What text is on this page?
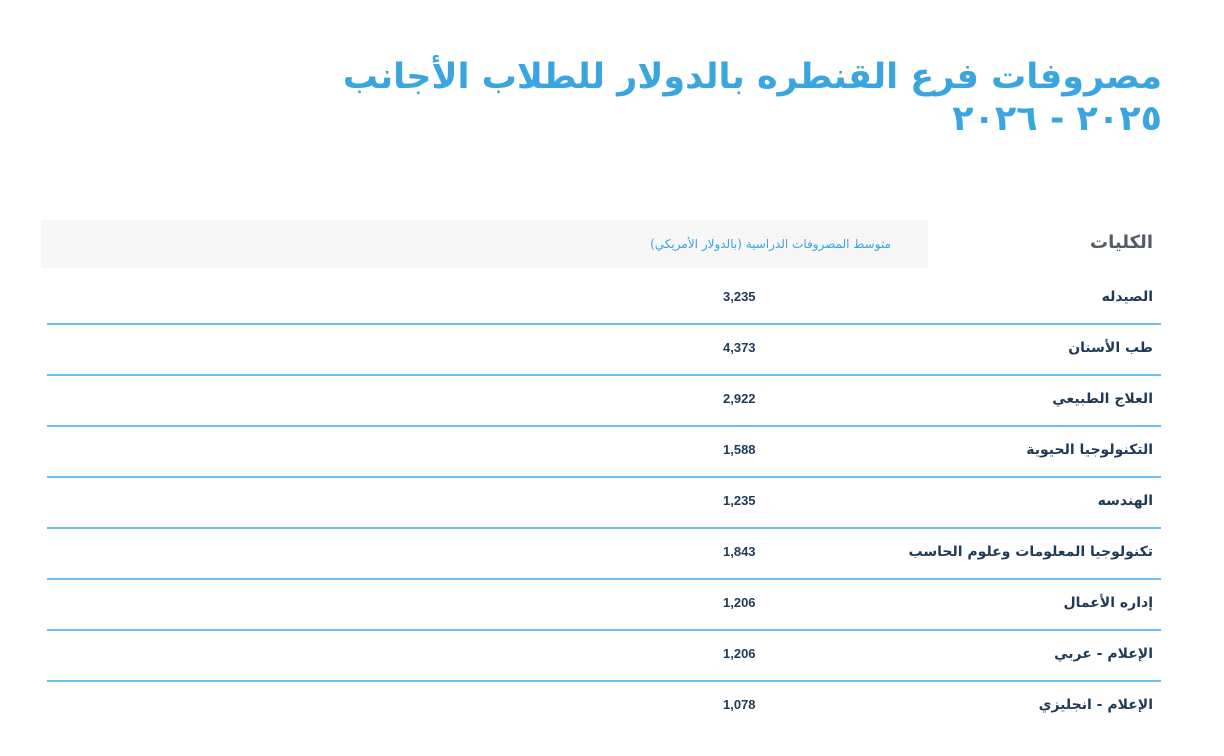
مصروفات فرع القنطره بالدولار للطلاب الأجانب
٢٠٢٥ - ٢٠٢٦
الكليات
متوسط المصروفات الدراسية (بالدولار الأمريكي)
الصيدله
3,235
طب الأسنان
4,373
العلاج الطبيعي
2,922
التكنولوجيا الحيوية
1,588
الهندسه
1,235
تكنولوجيا المعلومات وعلوم الحاسب
1,843
إداره الأعمال
1,206
الإعلام - عربي
1,206
الإعلام - انجليزي
1,078
